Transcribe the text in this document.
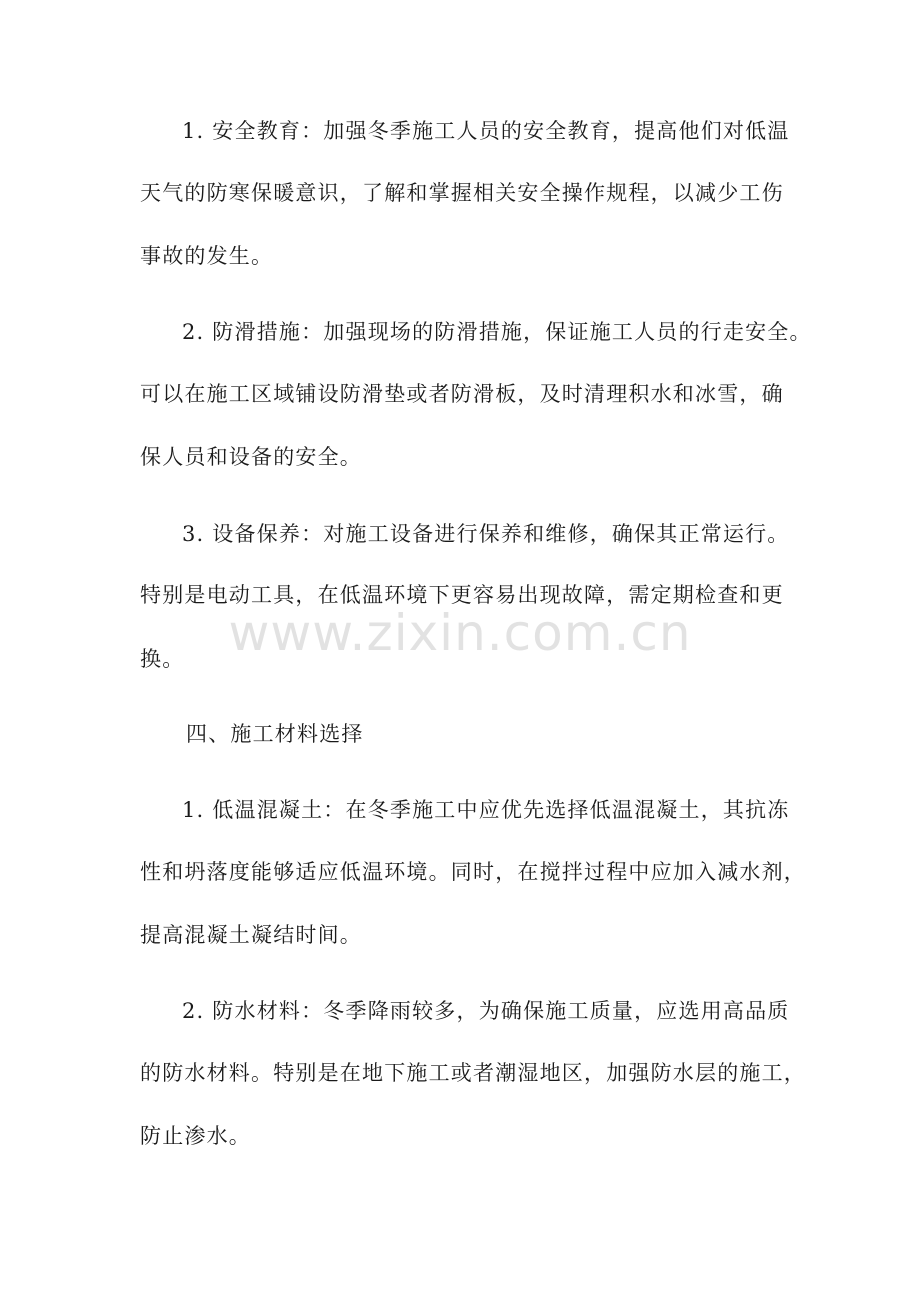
1. 安全教育：加强冬季施工人员的安全教育，提高他们对低温
天气的防寒保暖意识，了解和掌握相关安全操作规程，以减少工伤
事故的发生。
2. 防滑措施：加强现场的防滑措施，保证施工人员的行走安全。
可以在施工区域铺设防滑垫或者防滑板，及时清理积水和冰雪，确
保人员和设备的安全。
3. 设备保养：对施工设备进行保养和维修，确保其正常运行。
特别是电动工具，在低温环境下更容易出现故障，需定期检查和更
换。
四、施工材料选择
1. 低温混凝土：在冬季施工中应优先选择低温混凝土，其抗冻
性和坍落度能够适应低温环境。同时，在搅拌过程中应加入减水剂，
提高混凝土凝结时间。
2. 防水材料：冬季降雨较多，为确保施工质量，应选用高品质
的防水材料。特别是在地下施工或者潮湿地区，加强防水层的施工，
防止渗水。
www.zixin.com.cn
